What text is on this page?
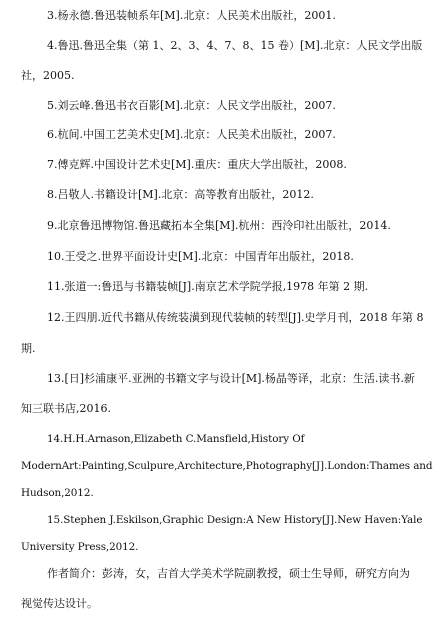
3.杨永德.鲁迅装帧系年[M].北京：人民美术出版社，2001.
4.鲁迅.鲁迅全集（第 1、2、3、4、7、8、15 卷）[M].北京：人民文学出版
社，2005.
5.刘云峰.鲁迅书衣百影[M].北京：人民文学出版社，2007.
6.杭间.中国工艺美术史[M].北京：人民美术出版社，2007.
7.傅克辉.中国设计艺术史[M].重庆：重庆大学出版社，2008.
8.吕敬人.书籍设计[M].北京：高等教育出版社，2012.
9.北京鲁迅博物馆.鲁迅藏拓本全集[M].杭州：西泠印社出版社，2014.
10.王受之.世界平面设计史[M].北京：中国青年出版社，2018.
11.张道一:鲁迅与书籍装帧[J].南京艺术学院学报,1978 年第 2 期.
12.王四朋.近代书籍从传统装潢到现代装帧的转型[J].史学月刊，2018 年第 8
期.
13.[日]杉浦康平.亚洲的书籍文字与设计[M].杨晶等译，北京：生活.读书.新
知三联书店,2016.
14.H.H.Arnason,Elizabeth C.Mansfield,History Of
ModernArt:Painting,Sculpure,Architecture,Photography[J].London:Thames and
Hudson,2012.
15.Stephen J.Eskilson,Graphic Design:A New History[J].New Haven:Yale
University Press,2012.
作者简介：彭涛，女，吉首大学美术学院副教授，硕士生导师，研究方向为
视觉传达设计。
